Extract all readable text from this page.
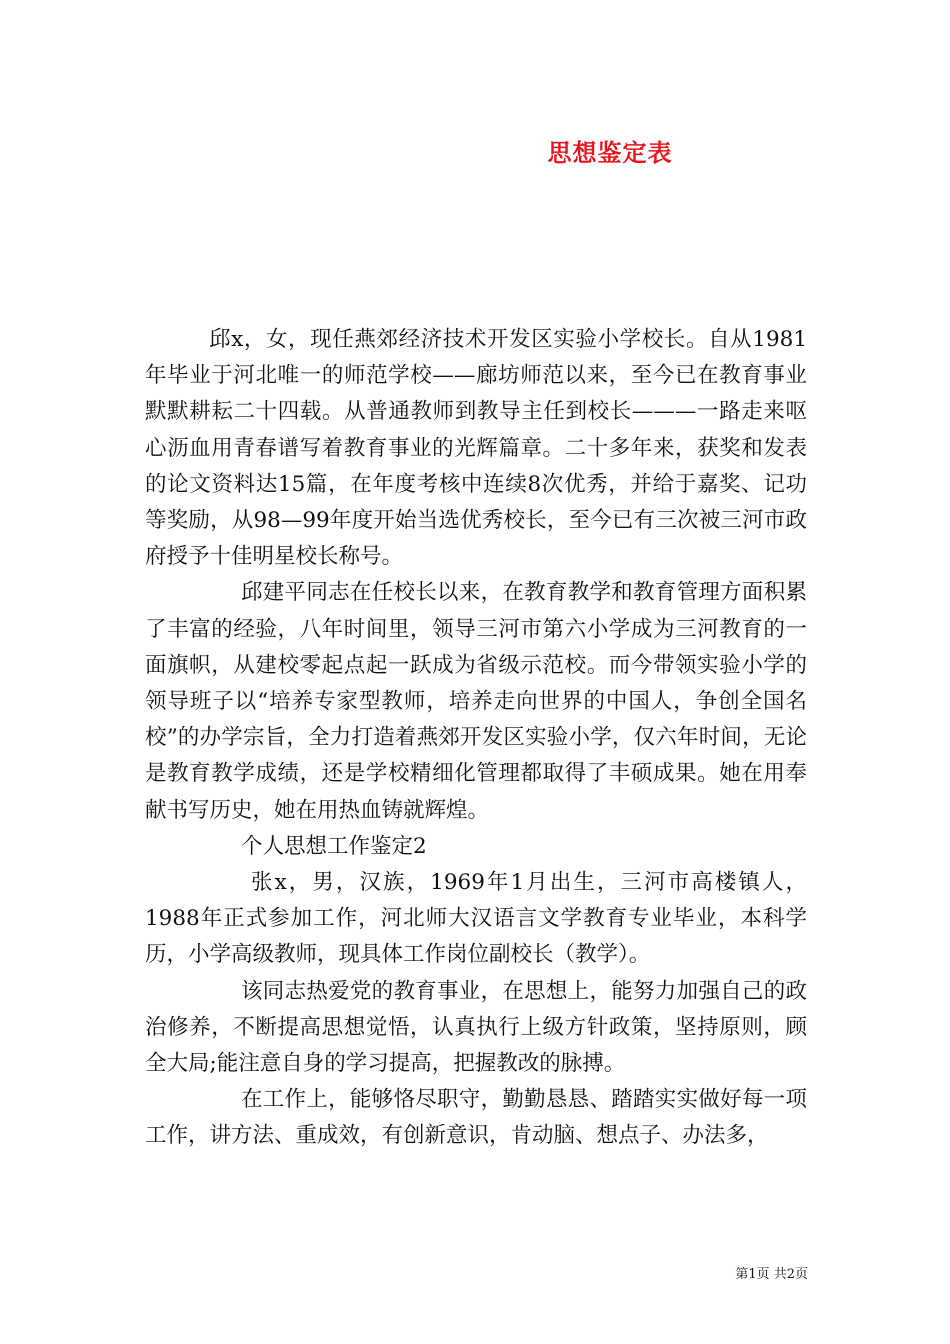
思想鉴定表

邱x，女，现任燕郊经济技术开发区实验小学校长。自从1981年毕业于河北唯一的师范学校——廊坊师范以来，至今已在教育事业默默耕耘二十四载。从普通教师到教导主任到校长———一路走来呕心沥血用青春谱写着教育事业的光辉篇章。二十多年来，获奖和发表的论文资料达15篇，在年度考核中连续8次优秀，并给于嘉奖、记功等奖励，从98—99年度开始当选优秀校长，至今已有三次被三河市政府授予十佳明星校长称号。

邱建平同志在任校长以来，在教育教学和教育管理方面积累了丰富的经验，八年时间里，领导三河市第六小学成为三河教育的一面旗帜，从建校零起点起一跃成为省级示范校。而今带领实验小学的领导班子以“培养专家型教师，培养走向世界的中国人，争创全国名校”的办学宗旨，全力打造着燕郊开发区实验小学，仅六年时间，无论是教育教学成绩，还是学校精细化管理都取得了丰硕成果。她在用奉献书写历史，她在用热血铸就辉煌。

个人思想工作鉴定2

张x，男，汉族，1969年1月出生，三河市高楼镇人，1988年正式参加工作，河北师大汉语言文学教育专业毕业，本科学历，小学高级教师，现具体工作岗位副校长（教学）。

该同志热爱党的教育事业，在思想上，能努力加强自己的政治修养，不断提高思想觉悟，认真执行上级方针政策，坚持原则，顾全大局;能注意自身的学习提高，把握教改的脉搏。

在工作上，能够恪尽职守，勤勤恳恳、踏踏实实做好每一项工作，讲方法、重成效，有创新意识，肯动脑、想点子、办法多，

第1页 共2页
